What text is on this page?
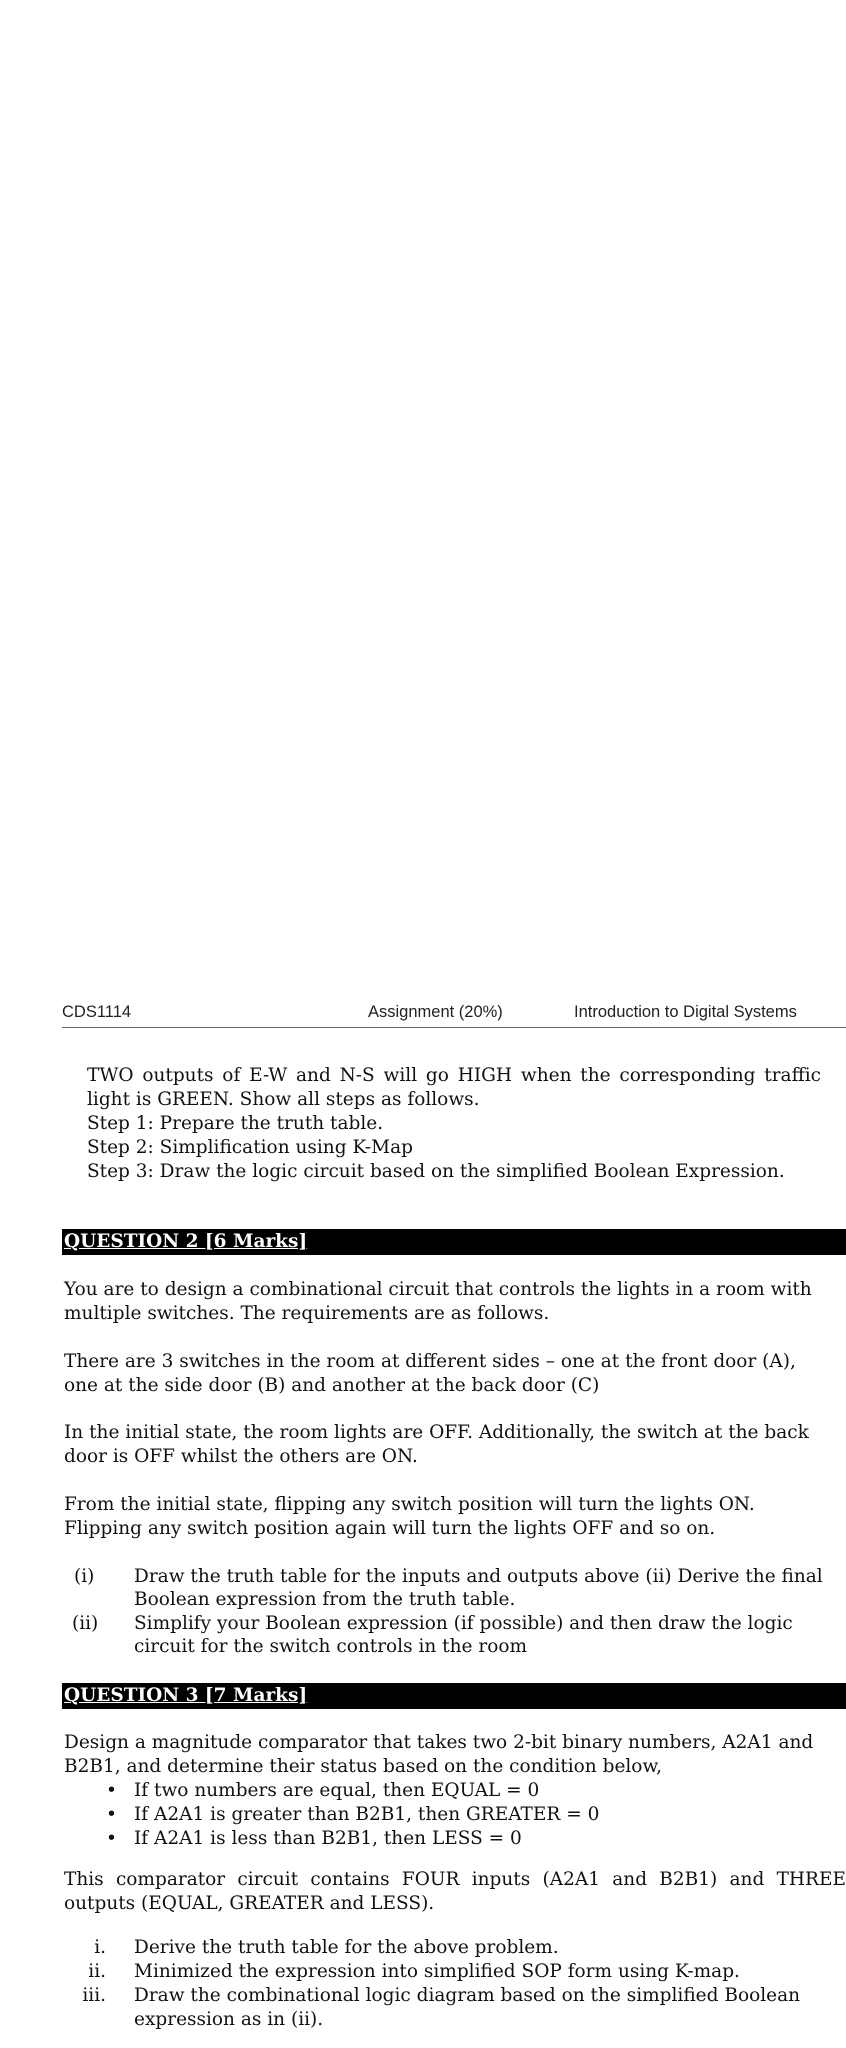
CDS1114	Assignment (20%)	Introduction to Digital Systems

TWO outputs of E-W and N-S will go HIGH when the corresponding traffic light is GREEN. Show all steps as follows.

Step 1: Prepare the truth table.

Step 2: Simplification using K-Map

Step 3: Draw the logic circuit based on the simplified Boolean Expression.

QUESTION 2 [6 Marks]

You are to design a combinational circuit that controls the lights in a room with multiple switches. The requirements are as follows.

There are 3 switches in the room at different sides – one at the front door (A), one at the side door (B) and another at the back door (C)

In the initial state, the room lights are OFF. Additionally, the switch at the back door is OFF whilst the others are ON.

From the initial state, flipping any switch position will turn the lights ON. Flipping any switch position again will turn the lights OFF and so on.

(i) Draw the truth table for the inputs and outputs above (ii) Derive the final Boolean expression from the truth table.
(ii) Simplify your Boolean expression (if possible) and then draw the logic circuit for the switch controls in the room
QUESTION 3 [7 Marks]

Design a magnitude comparator that takes two 2-bit binary numbers, A2A1 and B2B1, and determine their status based on the condition below,

• If two numbers are equal, then EQUAL = 0
• If A2A1 is greater than B2B1, then GREATER = 0
• If A2A1 is less than B2B1, then LESS = 0

This comparator circuit contains FOUR inputs (A2A1 and B2B1) and THREE outputs (EQUAL, GREATER and LESS).

i. Derive the truth table for the above problem.
ii. Minimized the expression into simplified SOP form using K-map.
iii. Draw the combinational logic diagram based on the simplified Boolean expression as in (ii).
